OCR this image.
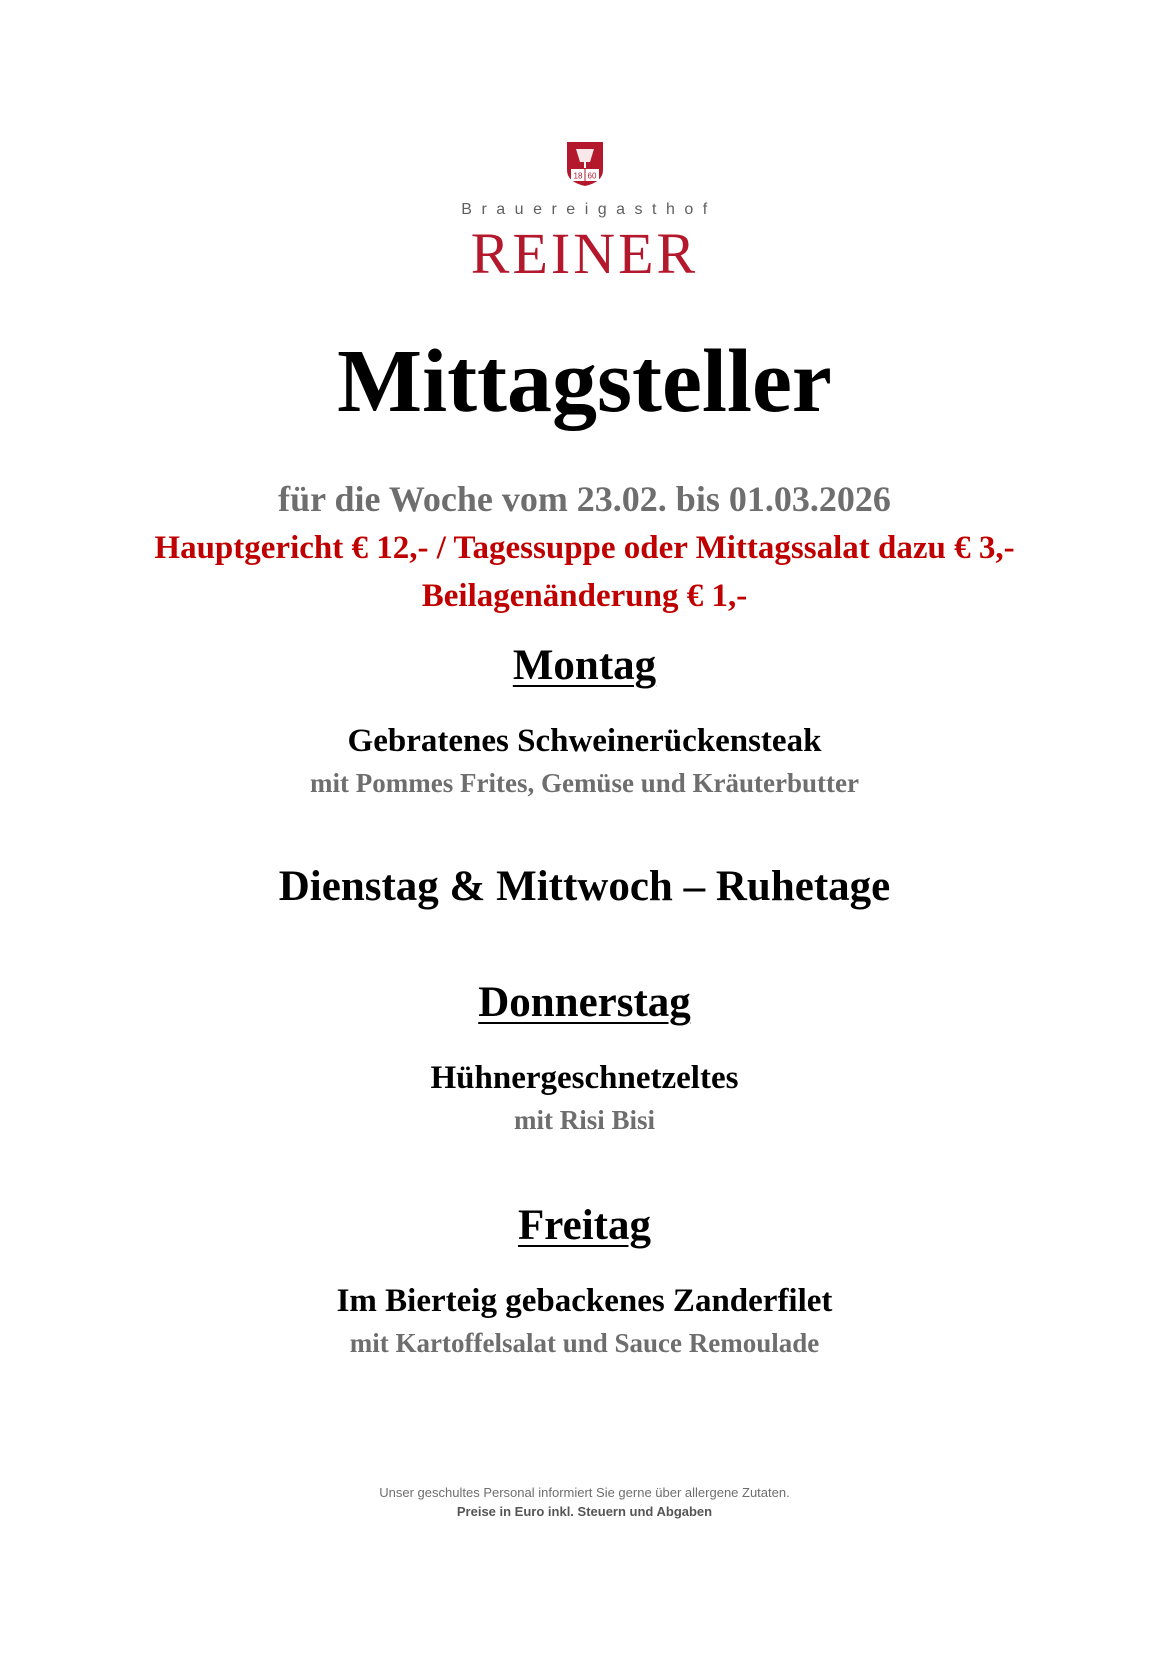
18 60
Brauereigasthof
REINER
Mittagsteller
für die Woche vom 23.02. bis 01.03.2026
Hauptgericht € 12,- / Tagessuppe oder Mittagssalat dazu € 3,-
Beilagenänderung € 1,-
Montag
Gebratenes Schweinerückensteak
mit Pommes Frites, Gemüse und Kräuterbutter
Dienstag & Mittwoch – Ruhetage
Donnerstag
Hühnergeschnetzeltes
mit Risi Bisi
Freitag
Im Bierteig gebackenes Zanderfilet
mit Kartoffelsalat und Sauce Remoulade
Unser geschultes Personal informiert Sie gerne über allergene Zutaten.
Preise in Euro inkl. Steuern und Abgaben
